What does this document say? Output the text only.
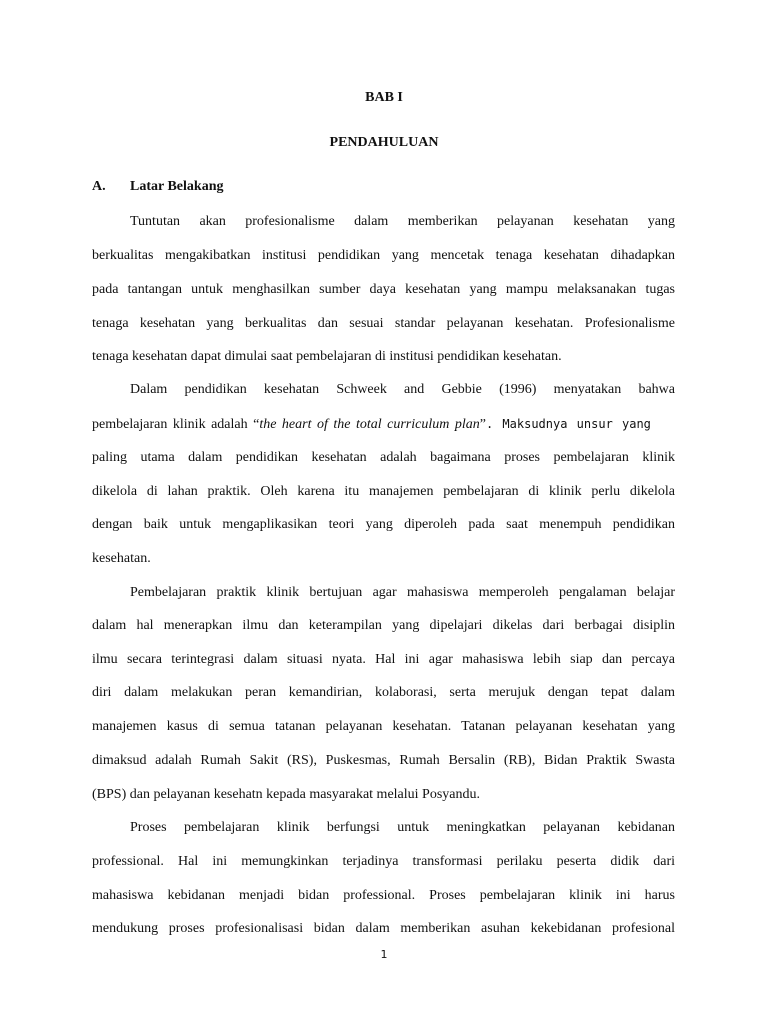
BAB I
PENDAHULUAN
A. Latar Belakang
Tuntutan akan profesionalisme dalam memberikan pelayanan kesehatan yang
berkualitas mengakibatkan institusi pendidikan yang mencetak tenaga kesehatan dihadapkan
pada tantangan untuk menghasilkan sumber daya kesehatan yang mampu melaksanakan tugas
tenaga kesehatan yang berkualitas dan sesuai standar pelayanan kesehatan. Profesionalisme
tenaga kesehatan dapat dimulai saat pembelajaran di institusi pendidikan kesehatan.
Dalam pendidikan kesehatan Schweek and Gebbie (1996) menyatakan bahwa
pembelajaran klinik adalah “the heart of the total curriculum plan”. Maksudnya unsur yang
paling utama dalam pendidikan kesehatan adalah bagaimana proses pembelajaran klinik
dikelola di lahan praktik. Oleh karena itu manajemen pembelajaran di klinik perlu dikelola
dengan baik untuk mengaplikasikan teori yang diperoleh pada saat menempuh pendidikan
kesehatan.
Pembelajaran praktik klinik bertujuan agar mahasiswa memperoleh pengalaman belajar
dalam hal menerapkan ilmu dan keterampilan yang dipelajari dikelas dari berbagai disiplin
ilmu secara terintegrasi dalam situasi nyata. Hal ini agar mahasiswa lebih siap dan percaya
diri dalam melakukan peran kemandirian, kolaborasi, serta merujuk dengan tepat dalam
manajemen kasus di semua tatanan pelayanan kesehatan. Tatanan pelayanan kesehatan yang
dimaksud adalah Rumah Sakit (RS), Puskesmas, Rumah Bersalin (RB), Bidan Praktik Swasta
(BPS) dan pelayanan kesehatn kepada masyarakat melalui Posyandu.
Proses pembelajaran klinik berfungsi untuk meningkatkan pelayanan kebidanan
professional. Hal ini memungkinkan terjadinya transformasi perilaku peserta didik dari
mahasiswa kebidanan menjadi bidan professional. Proses pembelajaran klinik ini harus
mendukung proses profesionalisasi bidan dalam memberikan asuhan kekebidanan profesional
1
